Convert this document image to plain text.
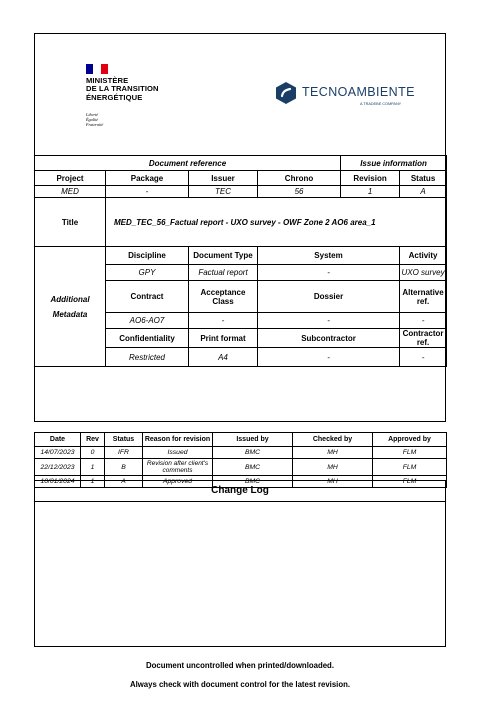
MINISTÈRE
DE LA TRANSITION
ÉNERGÉTIQUE
Liberté
Égalité
Fraternité
TECNOAMBIENTE
A TRADEBE COMPANY
Document reference				Issue information	
Project	Package	Issuer	Chrono	Revision	Status
MED	-	TEC	56	1	A
Title	MED_TEC_56_Factual report - UXO survey - OWF Zone 2 AO6 area_1				
Additional
Metadata	Discipline	Document Type	System		Activity
	GPY	Factual report	-		UXO survey
	Contract	Acceptance Class	Dossier		Alternative ref.
	AO6-AO7	-	-		-
	Confidentiality	Print format	Subcontractor		Contractor ref.
	Restricted	A4	-		-
Date	Rev	Status	Reason for revision	Issued by	Checked by	Approved by
14/07/2023	0	IFR	Issued	BMC	MH	FLM
22/12/2023	1	B	Revision after client's comments	BMC	MH	FLM
10/01/2024	1	A	Approved	BMC	MH	FLM
Change Log
Document uncontrolled when printed/downloaded.
Always check with document control for the latest revision.
